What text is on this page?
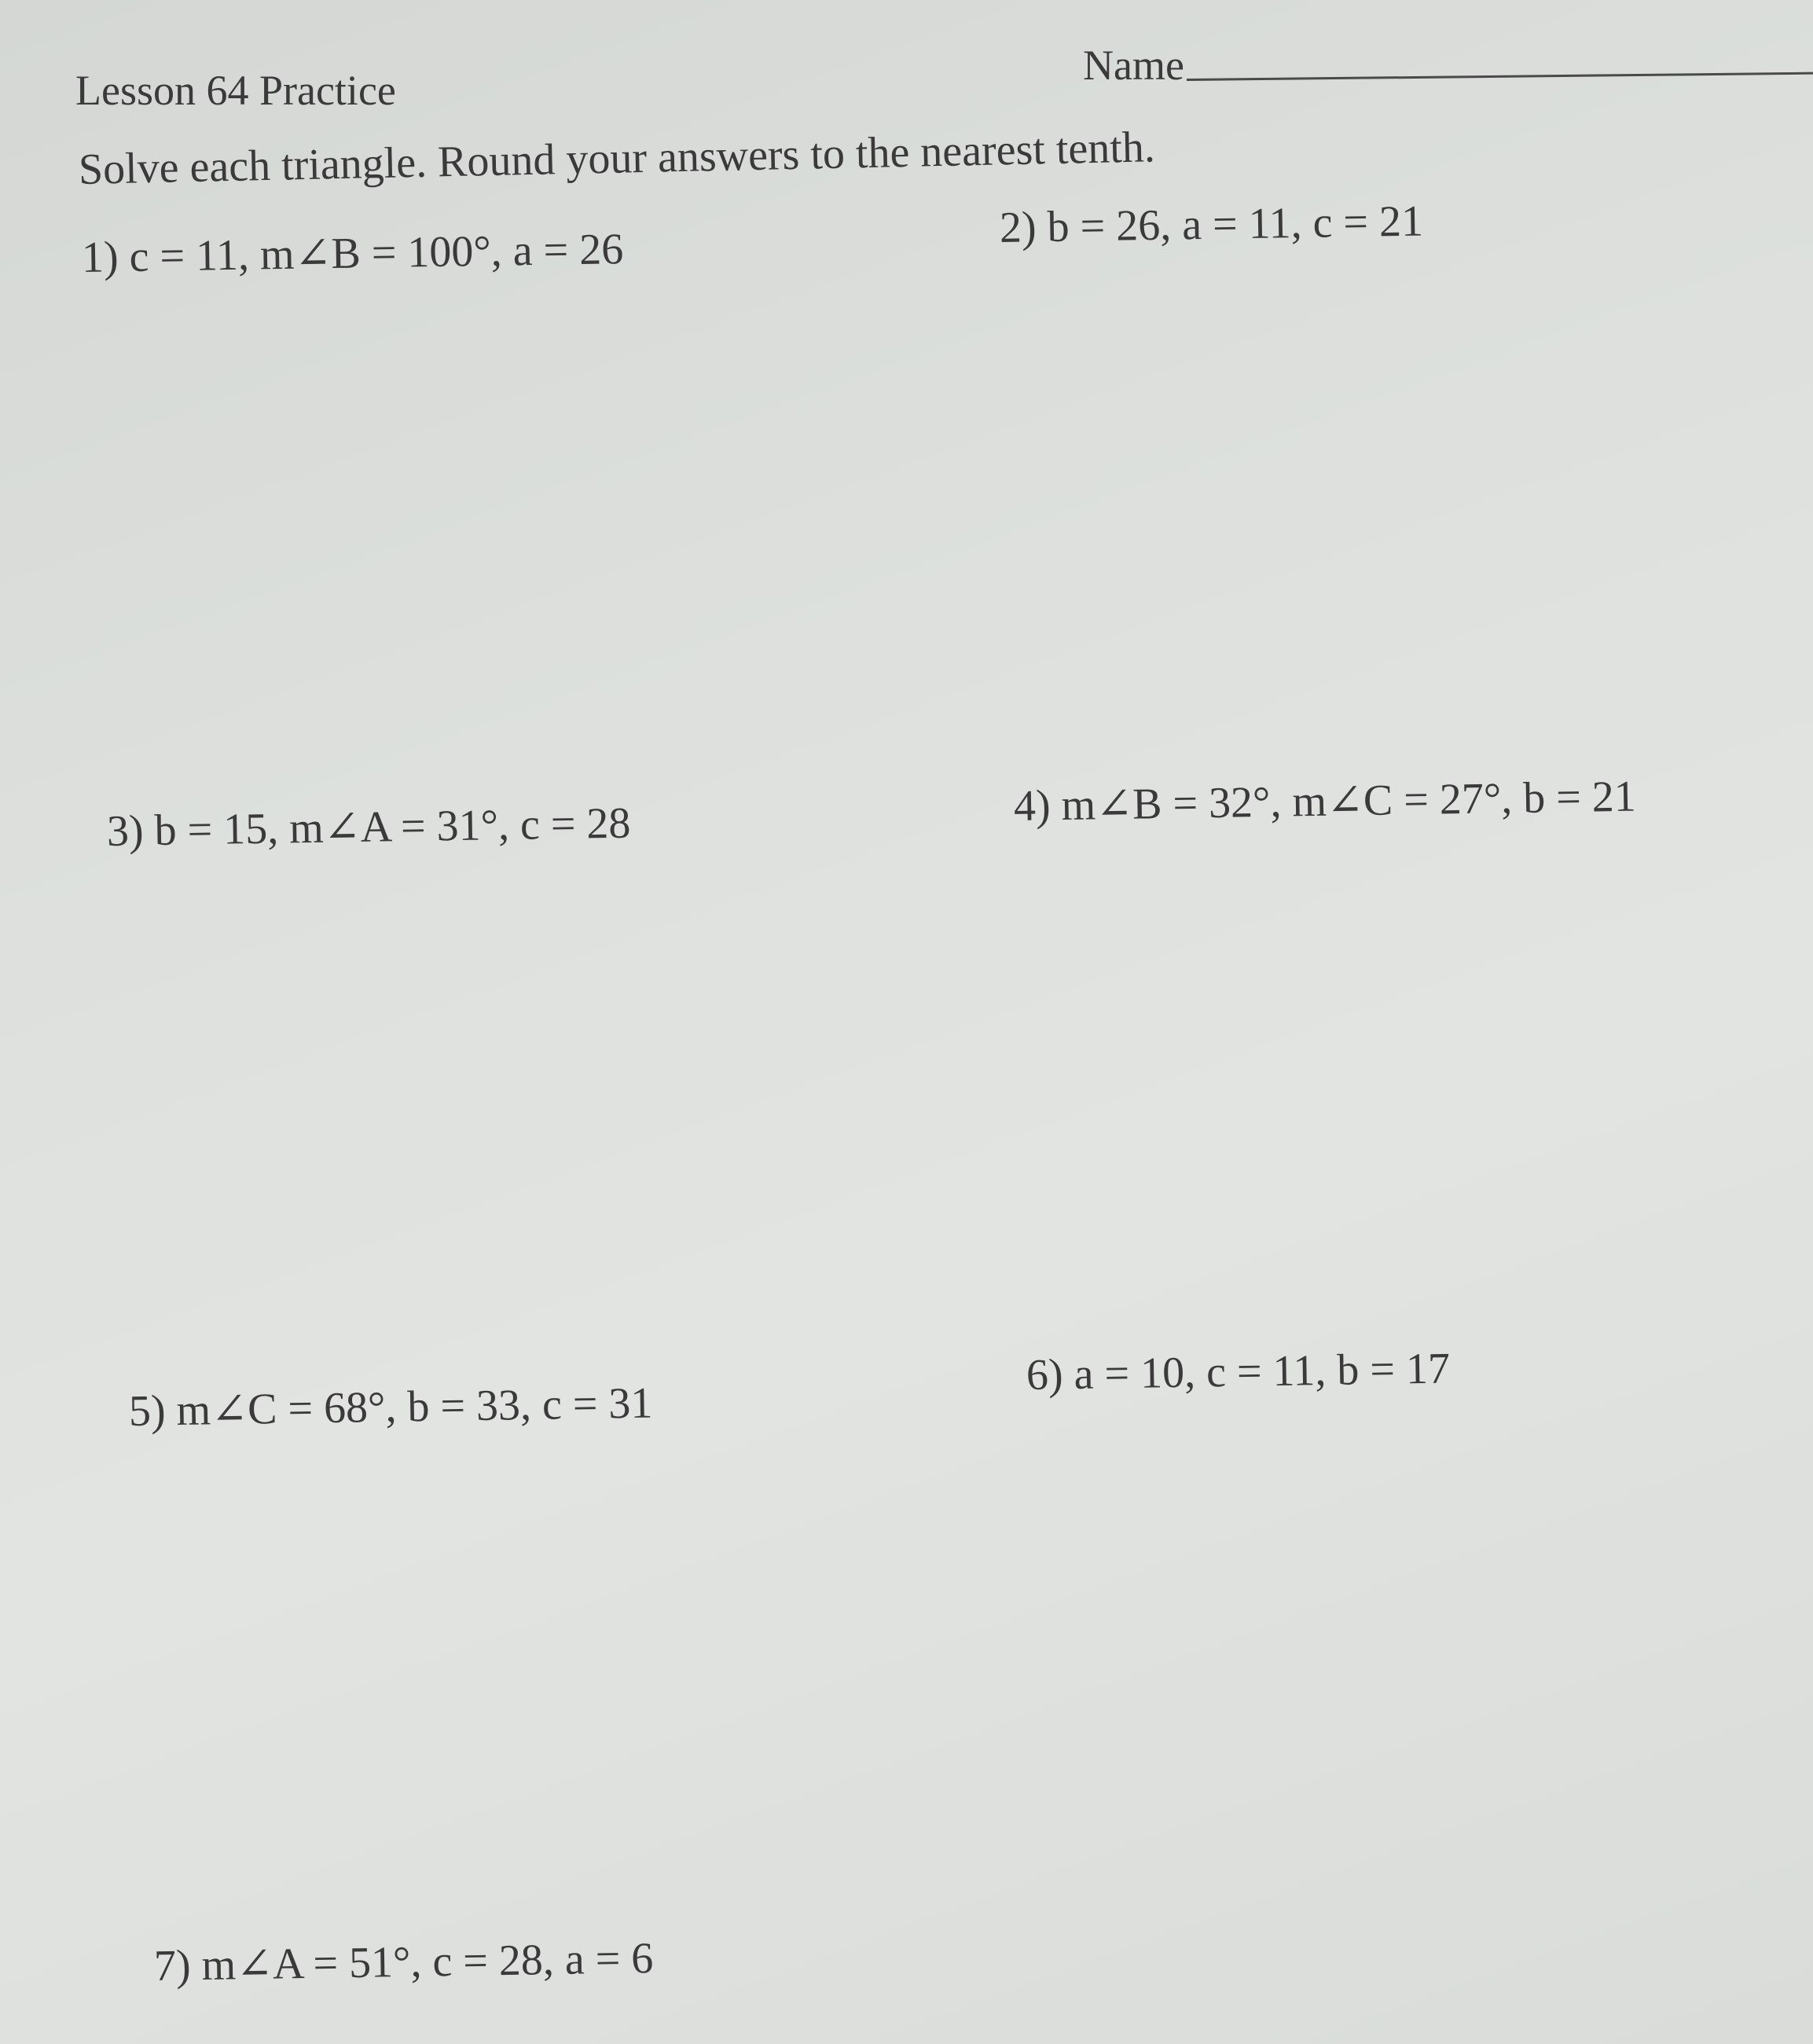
Lesson 64 Practice
Name
Solve each triangle. Round your answers to the nearest tenth.
1) c = 11, m∠B = 100°, a = 26
2) b = 26, a = 11, c = 21
3) b = 15, m∠A = 31°, c = 28	4) m∠B = 32°, m∠C = 27°, b = 21
5) m∠C = 68°, b = 33, c = 31
6) a = 10, c = 11, b = 17
7) m∠A = 51°, c = 28, a = 6
